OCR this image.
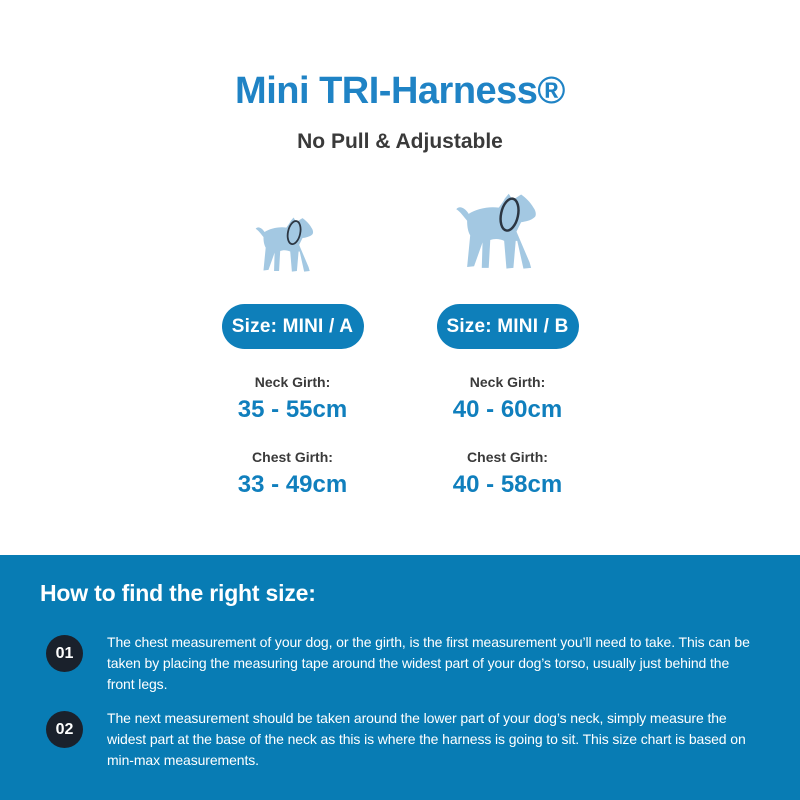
Mini TRI-Harness®
No Pull & Adjustable
Size: MINI / A
Neck Girth:
35 - 55cm
Chest Girth:
33 - 49cm
Size: MINI / B
Neck Girth:
40 - 60cm
Chest Girth:
40 - 58cm
How to find the right size:
01
The chest measurement of your dog, or the girth, is the first measurement you’ll need to take. This can be taken by placing the measuring tape around the widest part of your dog’s torso, usually just behind the front legs.
02
The next measurement should be taken around the lower part of your dog’s neck, simply measure the widest part at the base of the neck as this is where the harness is going to sit. This size chart is based on min-max measurements.
